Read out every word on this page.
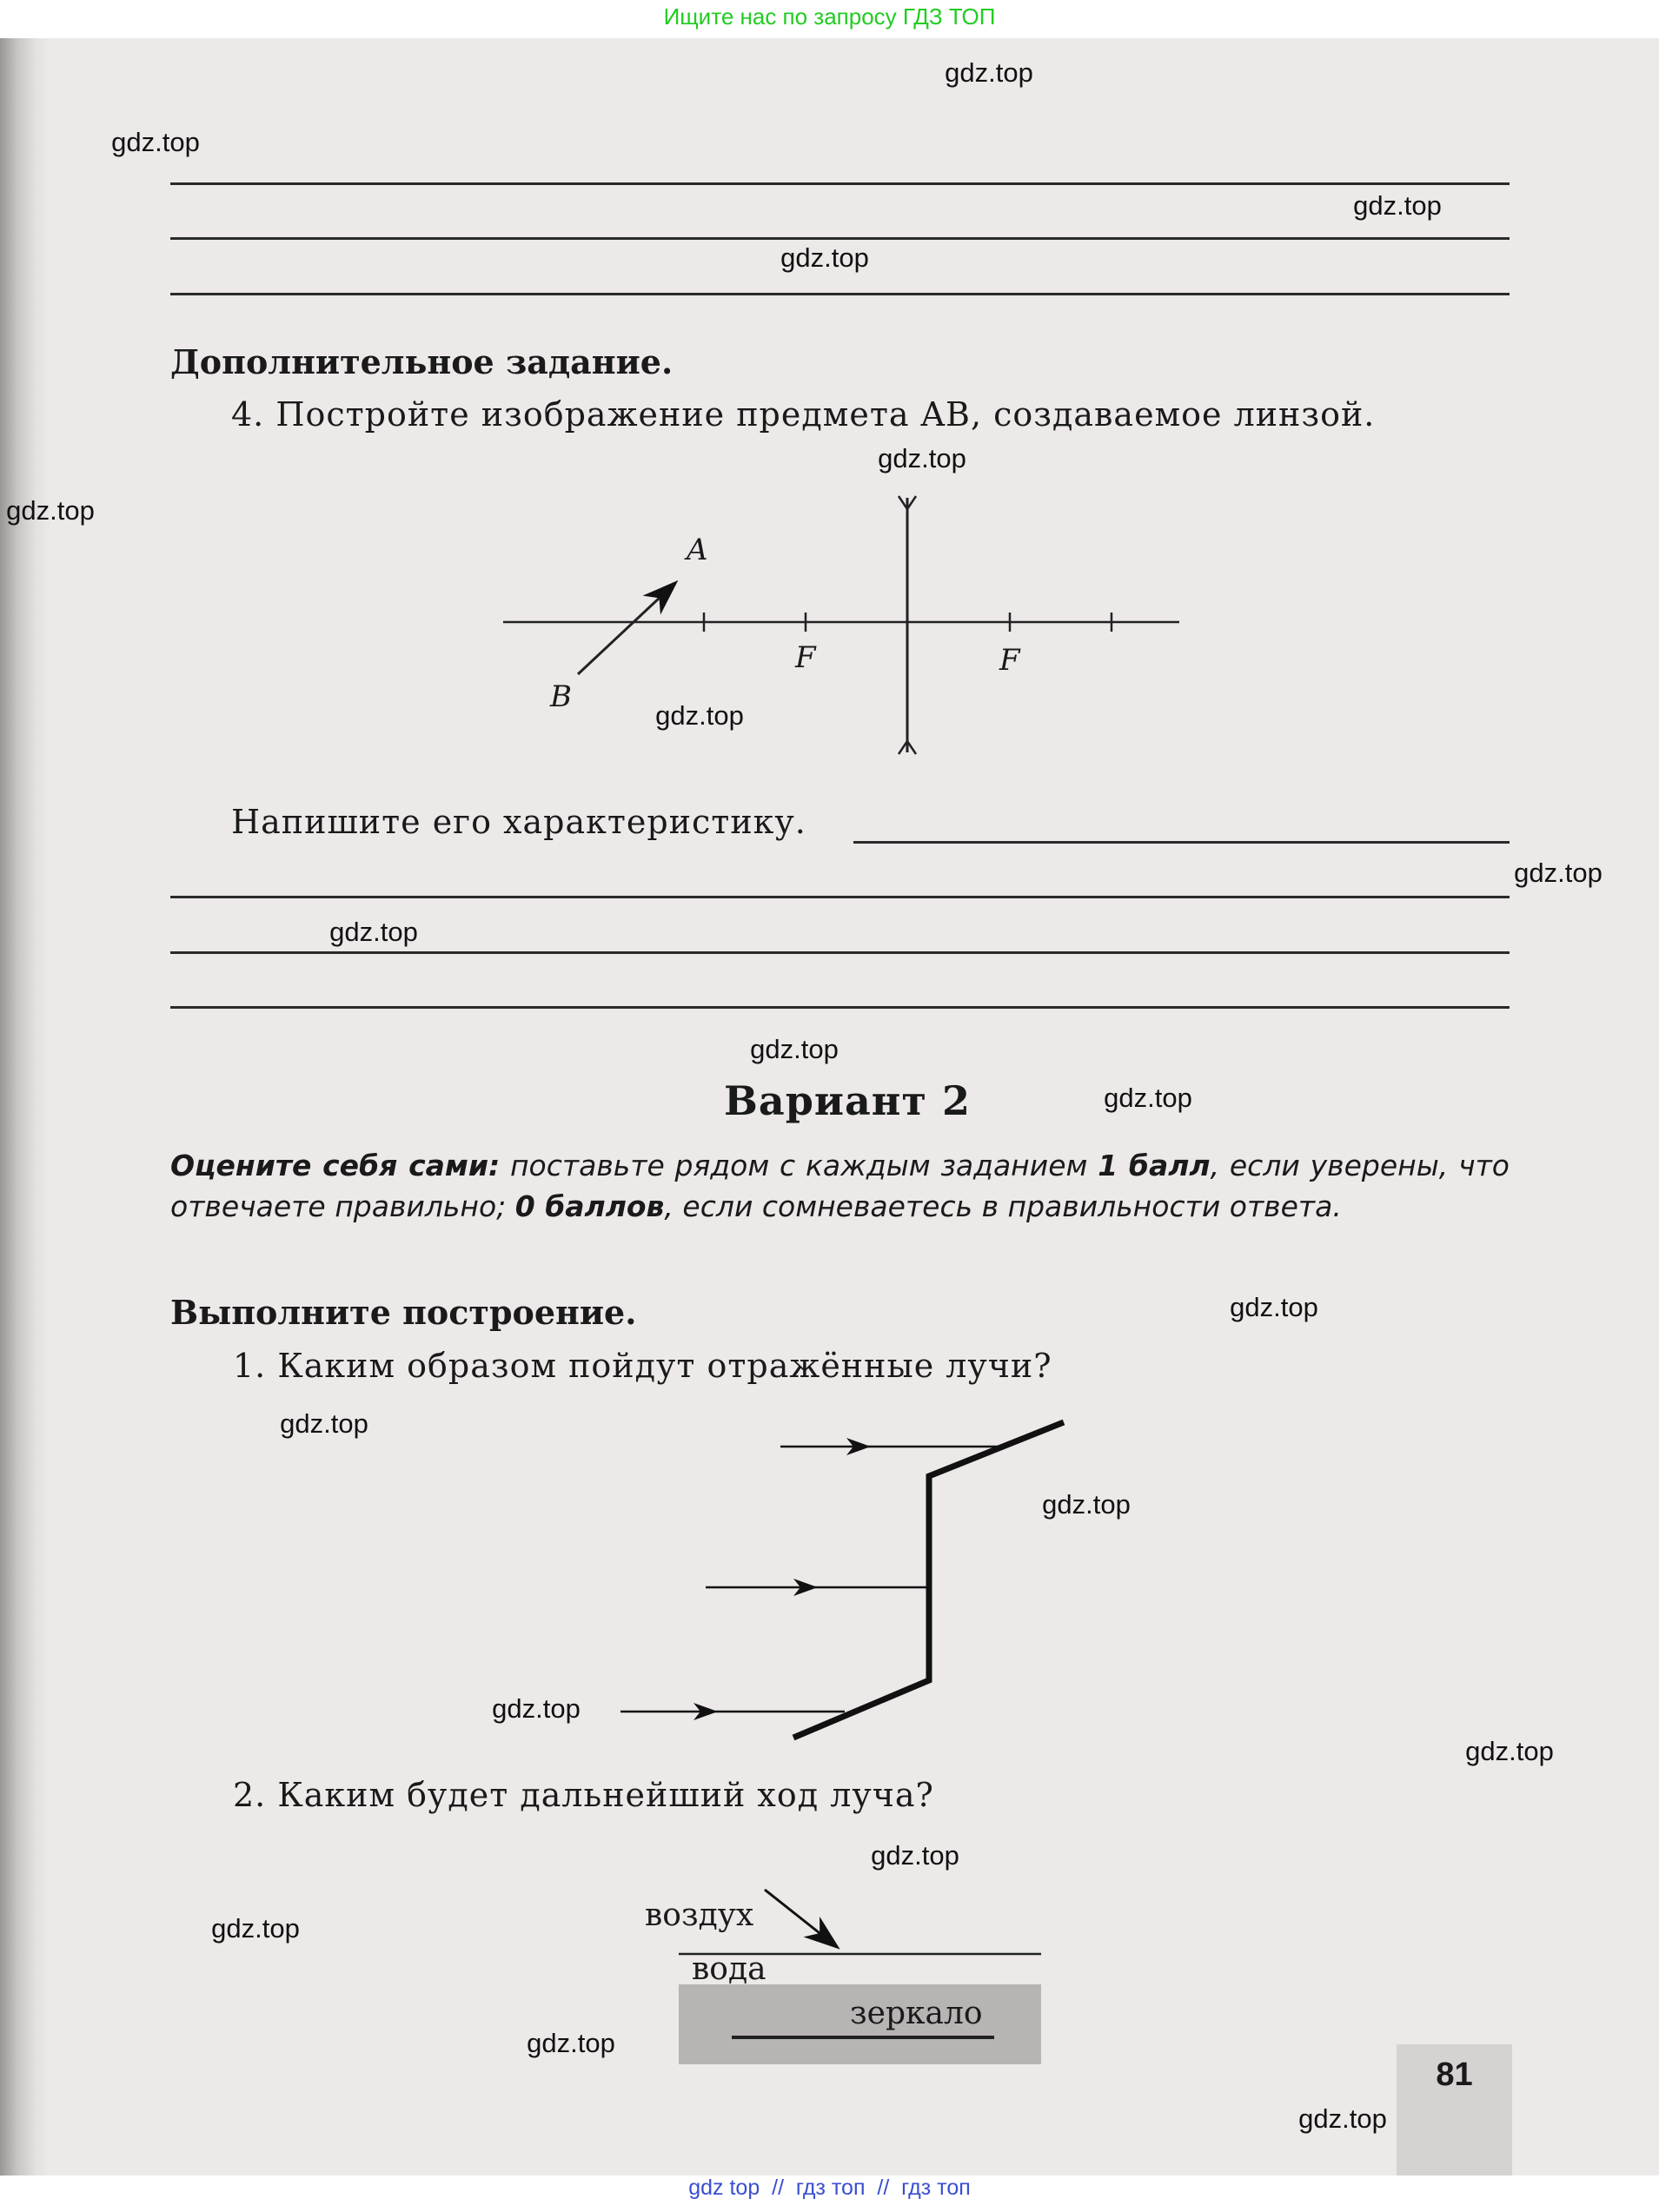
Ищите нас по запросу ГДЗ ТОП
Дополнительное задание.
4. Постройте изображение предмета AB, создаваемое линзой.
A
B
F	F
Напишите его характеристику.
Вариант 2
Оцените себя сами: поставьте рядом с каждым заданием 1 балл, если уверены, что отвечаете правильно; 0 баллов, если сомневаетесь в правильности ответа.
Выполните построение.
1. Каким образом пойдут отражённые лучи?
2. Каким будет дальнейший ход луча?
воздух
вода
зеркало
81
gdz.top
gdz.top
gdz.top
gdz.top
gdz.top
gdz.top
gdz.top
gdz.top
gdz.top
gdz.top
gdz.top
gdz.top
gdz.top
gdz.top
gdz.top
gdz.top
gdz.top
gdz.top
gdz.top
gdz.top
gdz top  //  гдз топ  //  гдз топ
